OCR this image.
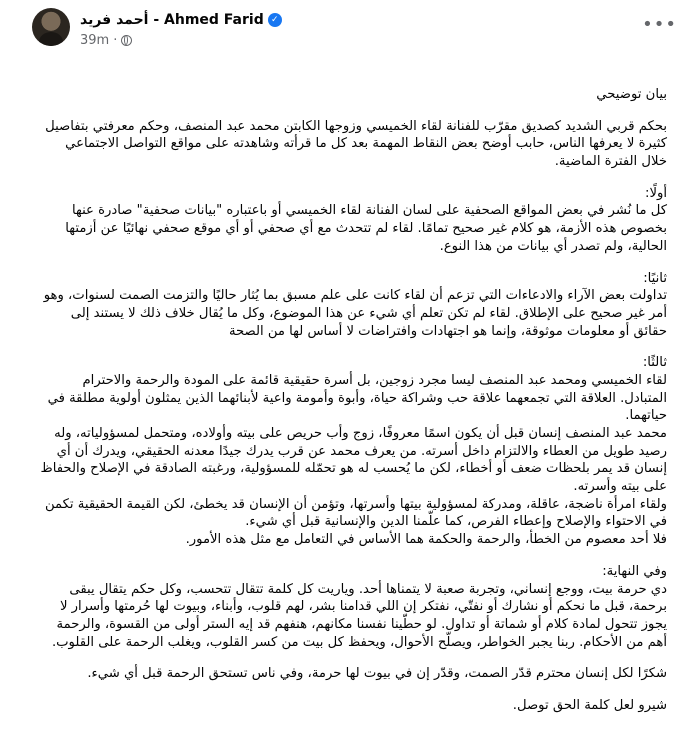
أحمد فريد - Ahmed Farid ✓
39m ·
•••

بيان توضيحي

بحكم قربي الشديد كصديق مقرّب للفنانة لقاء الخميسي وزوجها الكابتن محمد عبد المنصف، وحكم معرفتي بتفاصيل كثيرة لا يعرفها الناس، حابب أوضح بعض النقاط المهمة بعد كل ما قرأته وشاهدته على مواقع التواصل الاجتماعي خلال الفترة الماضية.

أولًا:
كل ما نُشر في بعض المواقع الصحفية على لسان الفنانة لقاء الخميسي أو باعتباره "بيانات صحفية" صادرة عنها بخصوص هذه الأزمة، هو كلام غير صحيح تمامًا. لقاء لم تتحدث مع أي صحفي أو أي موقع صحفي نهائيًا عن أزمتها الحالية، ولم تصدر أي بيانات من هذا النوع.

ثانيًا:
تداولت بعض الآراء والادعاءات التي تزعم أن لقاء كانت على علم مسبق بما يُثار حاليًا والتزمت الصمت لسنوات، وهو أمر غير صحيح على الإطلاق. لقاء لم تكن تعلم أي شيء عن هذا الموضوع، وكل ما يُقال خلاف ذلك لا يستند إلى حقائق أو معلومات موثوقة، وإنما هو اجتهادات وافتراضات لا أساس لها من الصحة

ثالثًا:
لقاء الخميسي ومحمد عبد المنصف ليسا مجرد زوجين، بل أسرة حقيقية قائمة على المودة والرحمة والاحترام المتبادل. العلاقة التي تجمعهما علاقة حب وشراكة حياة، وأبوة وأمومة واعية لأبنائهما الذين يمثلون أولوية مطلقة في حياتهما.
محمد عبد المنصف إنسان قبل أن يكون اسمًا معروفًا، زوج وأب حريص على بيته وأولاده، ومتحمل لمسؤولياته، وله رصيد طويل من العطاء والالتزام داخل أسرته. من يعرف محمد عن قرب يدرك جيدًا معدنه الحقيقي، ويدرك أن أي إنسان قد يمر بلحظات ضعف أو أخطاء، لكن ما يُحسب له هو تحمّله للمسؤولية، ورغبته الصادقة في الإصلاح والحفاظ على بيته وأسرته.
ولقاء امرأة ناضجة، عاقلة، ومدركة لمسؤولية بيتها وأسرتها، وتؤمن أن الإنسان قد يخطئ، لكن القيمة الحقيقية تكمن في الاحتواء والإصلاح وإعطاء الفرص، كما علّمنا الدين والإنسانية قبل أي شيء.
فلا أحد معصوم من الخطأ، والرحمة والحكمة هما الأساس في التعامل مع مثل هذه الأمور.

وفي النهاية:
دي حرمة بيت، ووجع إنساني، وتجربة صعبة لا يتمناها أحد. وياريت كل كلمة تتقال تتحسب، وكل حكم يتقال يبقى برحمة، قبل ما نحكم أو نشارك أو نفتّي، نفتكر إن اللي قدامنا بشر، لهم قلوب، وأبناء، وبيوت لها حُرمتها وأسرار لا يجوز تتحول لمادة كلام أو شماتة أو تداول. لو حطّينا نفسنا مكانهم، هنفهم قد إيه الستر أولى من القسوة، والرحمة أهم من الأحكام. ربنا يجبر الخواطر، ويصلّح الأحوال، ويحفظ كل بيت من كسر القلوب، ويغلب الرحمة على القلوب.

شكرًا لكل إنسان محترم قدّر الصمت، وقدّر إن في بيوت لها حرمة، وفي ناس تستحق الرحمة قبل أي شيء.

شيرو لعل كلمة الحق توصل.
